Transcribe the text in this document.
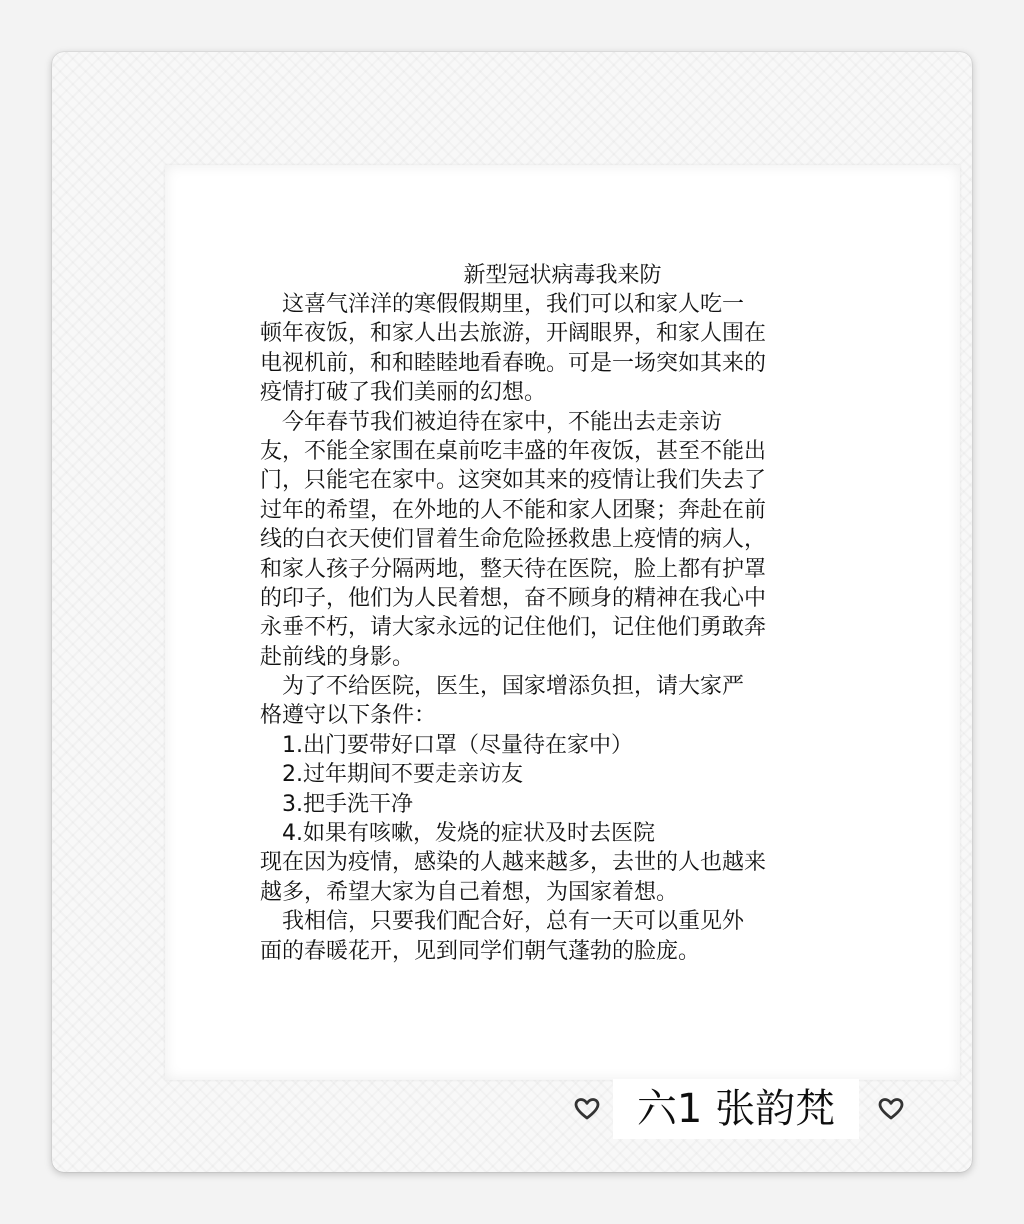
新型冠状病毒我来防
　这喜气洋洋的寒假假期里，我们可以和家人吃一
顿年夜饭，和家人出去旅游，开阔眼界，和家人围在
电视机前，和和睦睦地看春晚。可是一场突如其来的
疫情打破了我们美丽的幻想。
　今年春节我们被迫待在家中，不能出去走亲访
友，不能全家围在桌前吃丰盛的年夜饭，甚至不能出
门，只能宅在家中。这突如其来的疫情让我们失去了
过年的希望，在外地的人不能和家人团聚；奔赴在前
线的白衣天使们冒着生命危险拯救患上疫情的病人，
和家人孩子分隔两地，整天待在医院，脸上都有护罩
的印子，他们为人民着想，奋不顾身的精神在我心中
永垂不朽，请大家永远的记住他们，记住他们勇敢奔
赴前线的身影。
　为了不给医院，医生，国家增添负担，请大家严
格遵守以下条件：
　1.出门要带好口罩（尽量待在家中）
　2.过年期间不要走亲访友
　3.把手洗干净
　4.如果有咳嗽，发烧的症状及时去医院
现在因为疫情，感染的人越来越多，去世的人也越来
越多，希望大家为自己着想，为国家着想。
　我相信，只要我们配合好，总有一天可以重见外
面的春暖花开，见到同学们朝气蓬勃的脸庞。
六1 张韵梵
